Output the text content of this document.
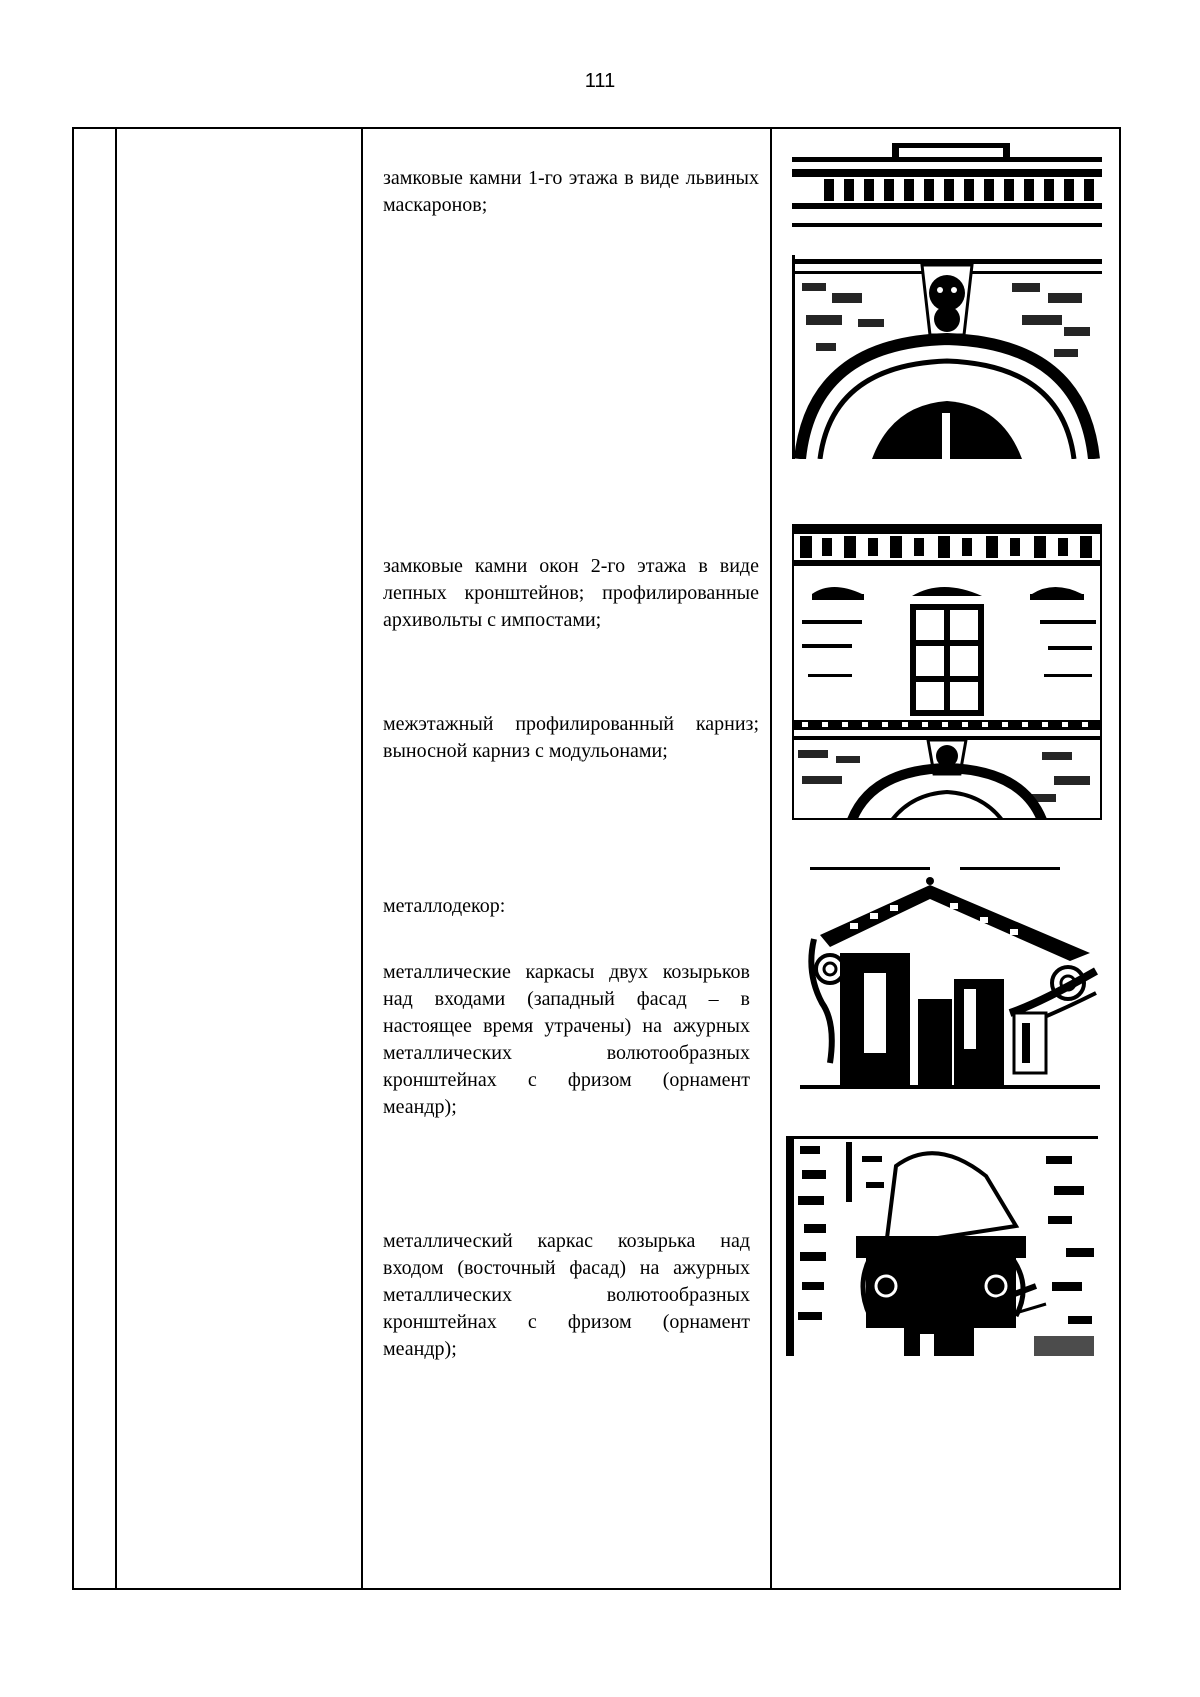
111
замковые камни 1-го этажа в виде львиных маскаронов;
замковые камни окон 2-го этажа в виде лепных кронштейнов; профилированные архивольты с импостами;
межэтажный профилированный карниз; выносной карниз с модульонами;
металлодекор:
металлические каркасы двух козырьков над входами (западный фасад – в настоящее время утрачены) на ажурных металлических волютообразных кронштейнах с фризом (орнамент меандр);
металлический каркас козырька над входом (восточный фасад) на ажурных металлических волютообразных кронштейнах с фризом (орнамент меандр);
